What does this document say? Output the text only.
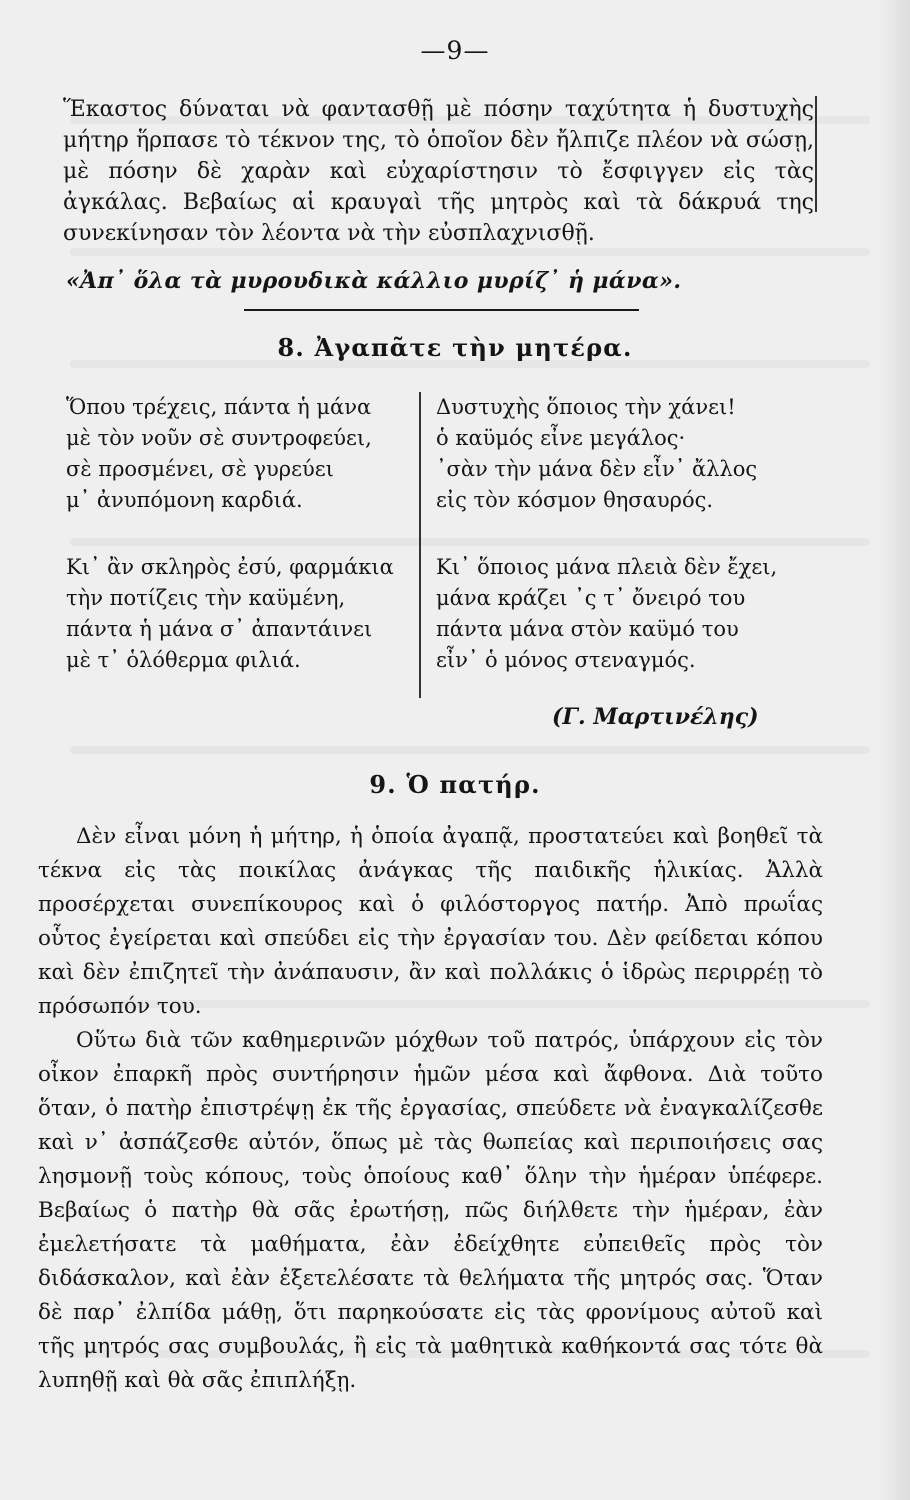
—9—

Ἕκαστος δύναται νὰ φαντασθῇ μὲ πόσην ταχύτητα ἡ δυστυχὴς μήτηρ ἥρπασε τὸ τέκνον της, τὸ ὁποῖον δὲν ἤλπιζε πλέον νὰ σώσῃ, μὲ πόσην δὲ χαρὰν καὶ εὐχαρίστησιν τὸ ἔσφιγγεν εἰς τὰς ἀγκάλας. Βεβαίως αἱ κραυγαὶ τῆς μητρὸς καὶ τὰ δάκρυά της συνεκίνησαν τὸν λέοντα νὰ τὴν εὐσπλαχνισθῇ.

«Ἀπ᾽ ὅλα τὰ μυρουδικὰ κάλλιο μυρίζ᾽ ἡ μάνα».
8. Ἀγαπᾶτε τὴν μητέρα.
Ὅπου τρέχεις, πάντα ἡ μάνα
μὲ τὸν νοῦν σὲ συντροφεύει,
σὲ προσμένει, σὲ γυρεύει
μ᾽ ἀνυπόμονη καρδιά.
Κι᾽ ἂν σκληρὸς ἐσύ, φαρμάκια
τὴν ποτίζεις τὴν καϋμένη,
πάντα ἡ μάνα σ᾽ ἀπαντάινει
μὲ τ᾽ ὁλόθερμα φιλιά.
Δυστυχὴς ὅποιος τὴν χάνει!
ὁ καϋμός εἶνε μεγάλος·
᾽σὰν τὴν μάνα δὲν εἶν᾽ ἄλλος
εἰς τὸν κόσμον θησαυρός.
Κι᾽ ὅποιος μάνα πλειὰ δὲν ἔχει,
μάνα κράζει ᾽ς τ᾽ ὄνειρό του
πάντα μάνα στὸν καϋμό του
εἶν᾽ ὁ μόνος στεναγμός.
(Γ. Μαρτινέλης)
9. Ὁ πατήρ.

Δὲν εἶναι μόνη ἡ μήτηρ, ἡ ὁποία ἀγαπᾷ, προστατεύει καὶ βοηθεῖ τὰ τέκνα εἰς τὰς ποικίλας ἀνάγκας τῆς παιδικῆς ἡλικίας. Ἀλλὰ προσέρχεται συνεπίκουρος καὶ ὁ φιλόστοργος πατήρ. Ἀπὸ πρωΐας οὗτος ἐγείρεται καὶ σπεύδει εἰς τὴν ἐργασίαν του. Δὲν φείδεται κόπου καὶ δὲν ἐπιζητεῖ τὴν ἀνάπαυσιν, ἂν καὶ πολλάκις ὁ ἱδρὼς περιρρέῃ τὸ πρόσωπόν του.

Οὕτω διὰ τῶν καθημερινῶν μόχθων τοῦ πατρός, ὑπάρχουν εἰς τὸν οἶκον ἐπαρκῆ πρὸς συντήρησιν ἡμῶν μέσα καὶ ἄφθονα. Διὰ τοῦτο ὅταν, ὁ πατὴρ ἐπιστρέψῃ ἐκ τῆς ἐργασίας, σπεύδετε νὰ ἐναγκαλίζεσθε καὶ ν᾽ ἀσπάζεσθε αὐτόν, ὅπως μὲ τὰς θωπείας καὶ περιποιήσεις σας λησμονῇ τοὺς κόπους, τοὺς ὁποίους καθ᾽ ὅλην τὴν ἡμέραν ὑπέφερε. Βεβαίως ὁ πατὴρ θὰ σᾶς ἐρωτήσῃ, πῶς διήλθετε τὴν ἡμέραν, ἐὰν ἐμελετήσατε τὰ μαθήματα, ἐὰν ἐδείχθητε εὐπειθεῖς πρὸς τὸν διδάσκαλον, καὶ ἐὰν ἐξετελέσατε τὰ θελήματα τῆς μητρός σας. Ὅταν δὲ παρ᾽ ἐλπίδα μάθῃ, ὅτι παρηκούσατε εἰς τὰς φρονίμους αὐτοῦ καὶ τῆς μητρός σας συμβουλάς, ἢ εἰς τὰ μαθητικὰ καθήκοντά σας τότε θὰ λυπηθῇ καὶ θὰ σᾶς ἐπιπλήξῃ.
